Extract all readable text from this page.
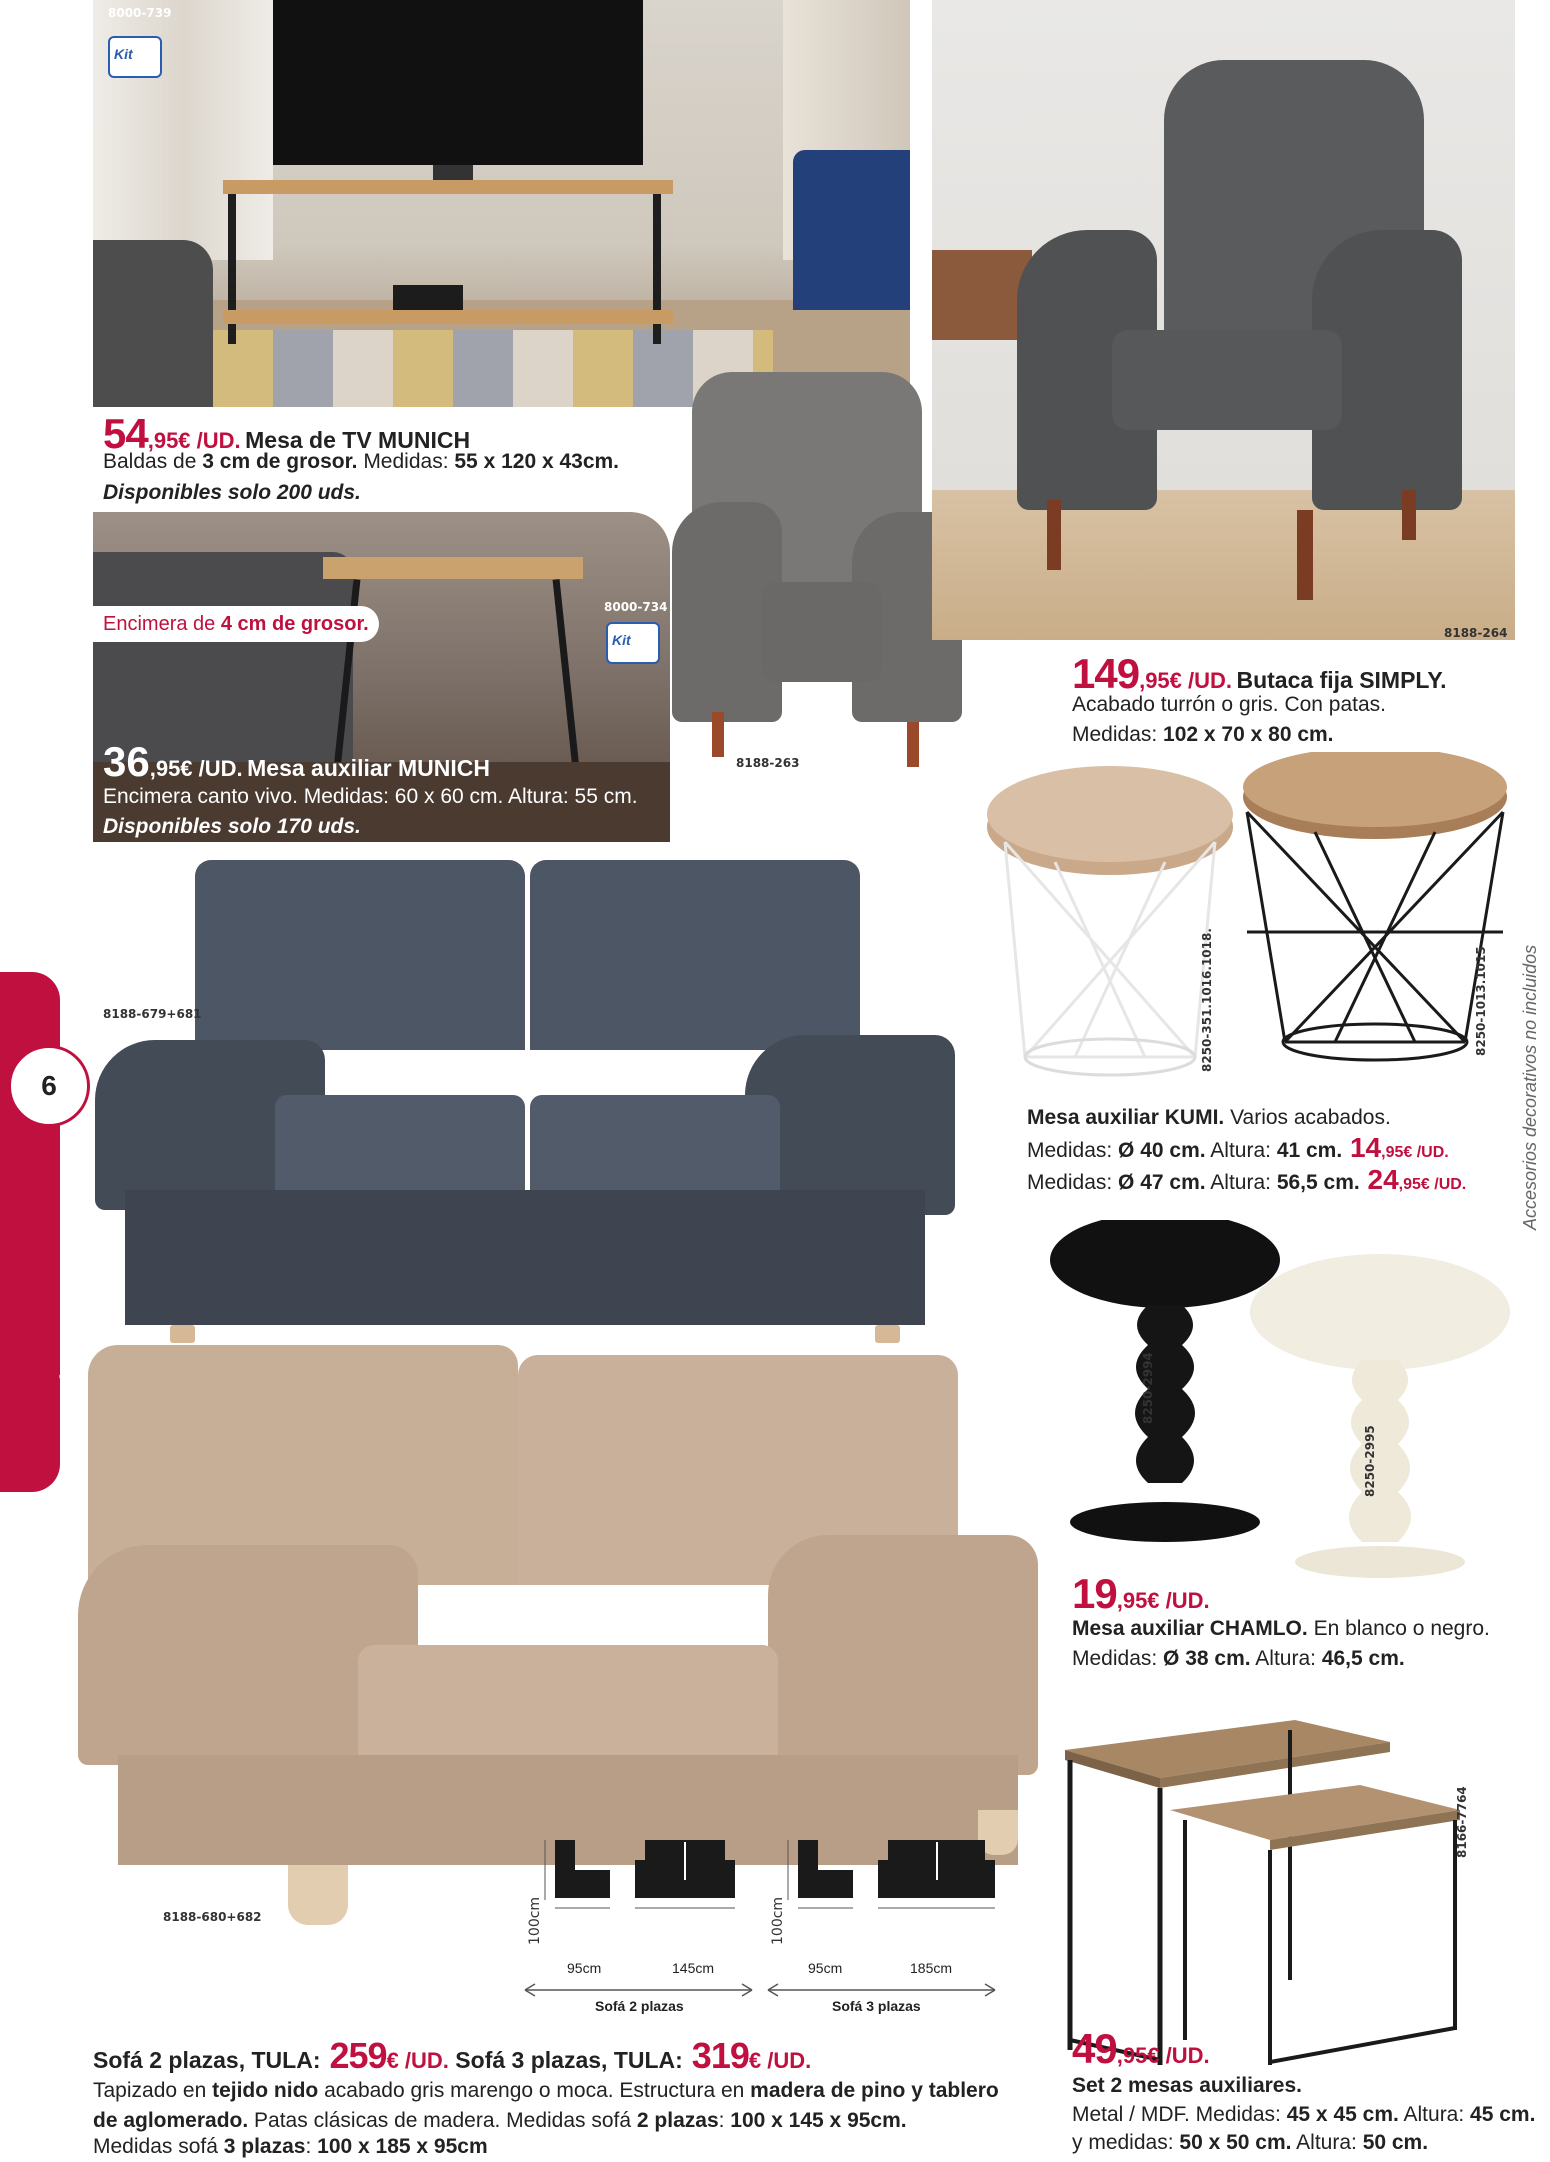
8000-739
Kit
54,95€ /UD. Mesa de TV MUNICH
Baldas de 3 cm de grosor. Medidas: 55 x 120 x 43cm.
Disponibles solo 200 uds.
Encimera de 4 cm de grosor.
8000-734
Kit
36,95€ /UD. Mesa auxiliar MUNICH
Encimera canto vivo. Medidas: 60 x 60 cm. Altura: 55 cm.
Disponibles solo 170 uds.
8188-263
8188-264
149,95€ /UD. Butaca fija SIMPLY.
Acabado turrón o gris. Con patas.
Medidas: 102 x 70 x 80 cm.
8250-351.1016.1018.	8250-1013.1015
Mesa auxiliar KUMI. Varios acabados.
Medidas: Ø 40 cm. Altura: 41 cm. 14,95€ /UD.
Medidas: Ø 47 cm. Altura: 56,5 cm. 24,95€ /UD.	Accesorios decorativos no incluidos
8188-679+681
6
SOFÁS, SILLONES...	8250-2994
8250-2995
19,95€ /UD.
Mesa auxiliar CHAMLO. En blanco o negro.
Medidas: Ø 38 cm. Altura: 46,5 cm.
8188-680+682	100cm	100cm
95cm	145cm	95cm	185cm
Sofá 2 plazas	Sofá 3 plazas
Sofá 2 plazas, TULA: 259€ /UD. Sofá 3 plazas, TULA: 319€ /UD.
Tapizado en tejido nido acabado gris marengo o moca. Estructura en madera de pino y tablero
de aglomerado. Patas clásicas de madera. Medidas sofá 2 plazas: 100 x 145 x 95cm.
Medidas sofá 3 plazas: 100 x 185 x 95cm
8166-7764
49,95€ /UD.
Set 2 mesas auxiliares.
Metal / MDF. Medidas: 45 x 45 cm. Altura: 45 cm.
y medidas: 50 x 50 cm. Altura: 50 cm.
